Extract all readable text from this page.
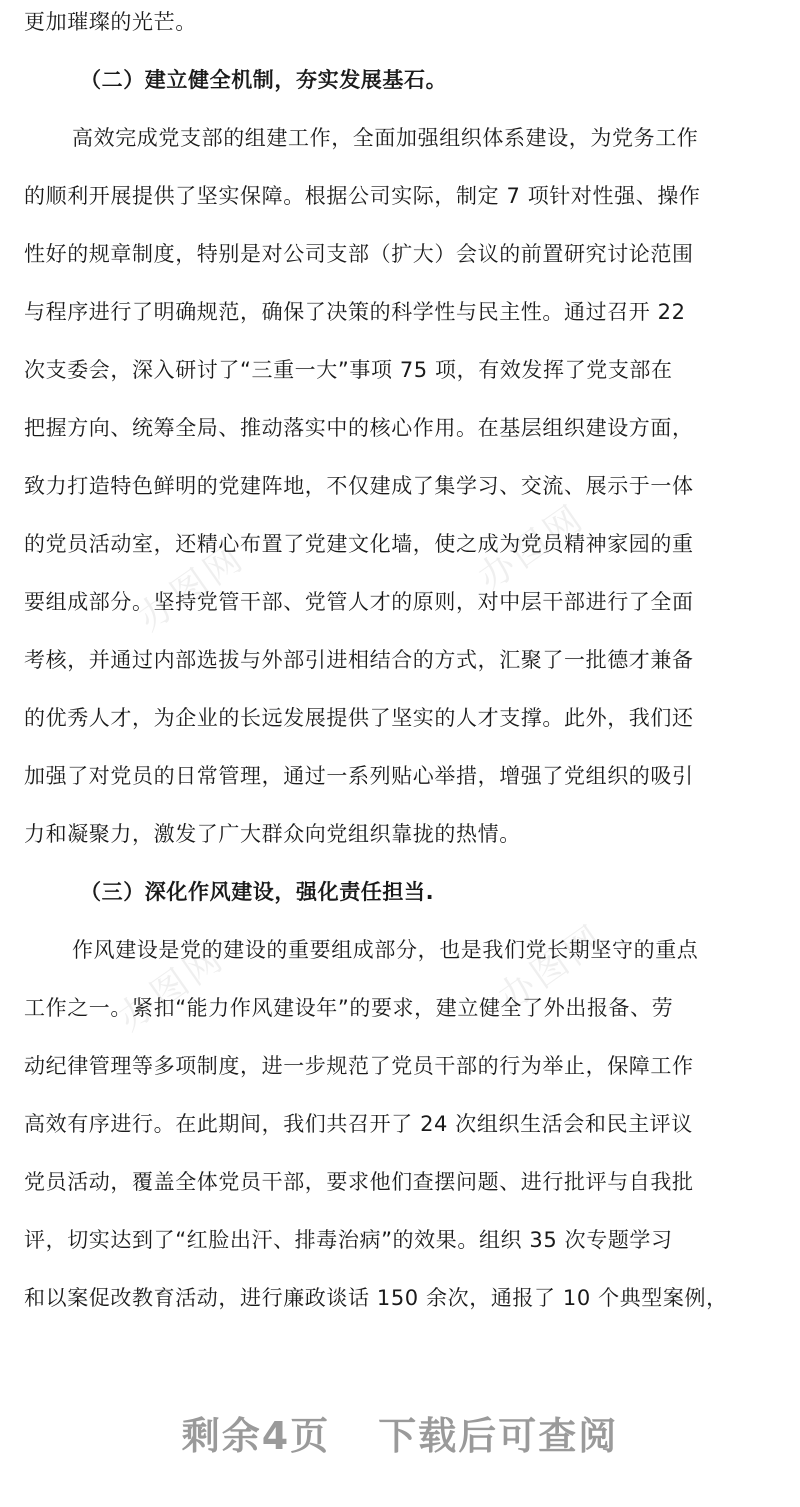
办图网	办图网
办图网	办图网
更加璀璨的光芒。
（二）建立健全机制，夯实发展基石。
高效完成党支部的组建工作，全面加强组织体系建设，为党务工作
的顺利开展提供了坚实保障。根据公司实际，制定 7 项针对性强、操作
性好的规章制度，特别是对公司支部（扩大）会议的前置研究讨论范围
与程序进行了明确规范，确保了决策的科学性与民主性。通过召开 22
次支委会，深入研讨了“三重一大”事项 75 项，有效发挥了党支部在
把握方向、统筹全局、推动落实中的核心作用。在基层组织建设方面，
致力打造特色鲜明的党建阵地，不仅建成了集学习、交流、展示于一体
的党员活动室，还精心布置了党建文化墙，使之成为党员精神家园的重
要组成部分。坚持党管干部、党管人才的原则，对中层干部进行了全面
考核，并通过内部选拔与外部引进相结合的方式，汇聚了一批德才兼备
的优秀人才，为企业的长远发展提供了坚实的人才支撑。此外，我们还
加强了对党员的日常管理，通过一系列贴心举措，增强了党组织的吸引
力和凝聚力，激发了广大群众向党组织靠拢的热情。
（三）深化作风建设，强化责任担当.
作风建设是党的建设的重要组成部分，也是我们党长期坚守的重点
工作之一。紧扣“能力作风建设年”的要求，建立健全了外出报备、劳
动纪律管理等多项制度，进一步规范了党员干部的行为举止，保障工作
高效有序进行。在此期间，我们共召开了 24 次组织生活会和民主评议
党员活动，覆盖全体党员干部，要求他们查摆问题、进行批评与自我批
评，切实达到了“红脸出汗、排毒治病”的效果。组织 35 次专题学习
和以案促改教育活动，进行廉政谈话 150 余次，通报了 10 个典型案例，
剩余4页 下载后可查阅
